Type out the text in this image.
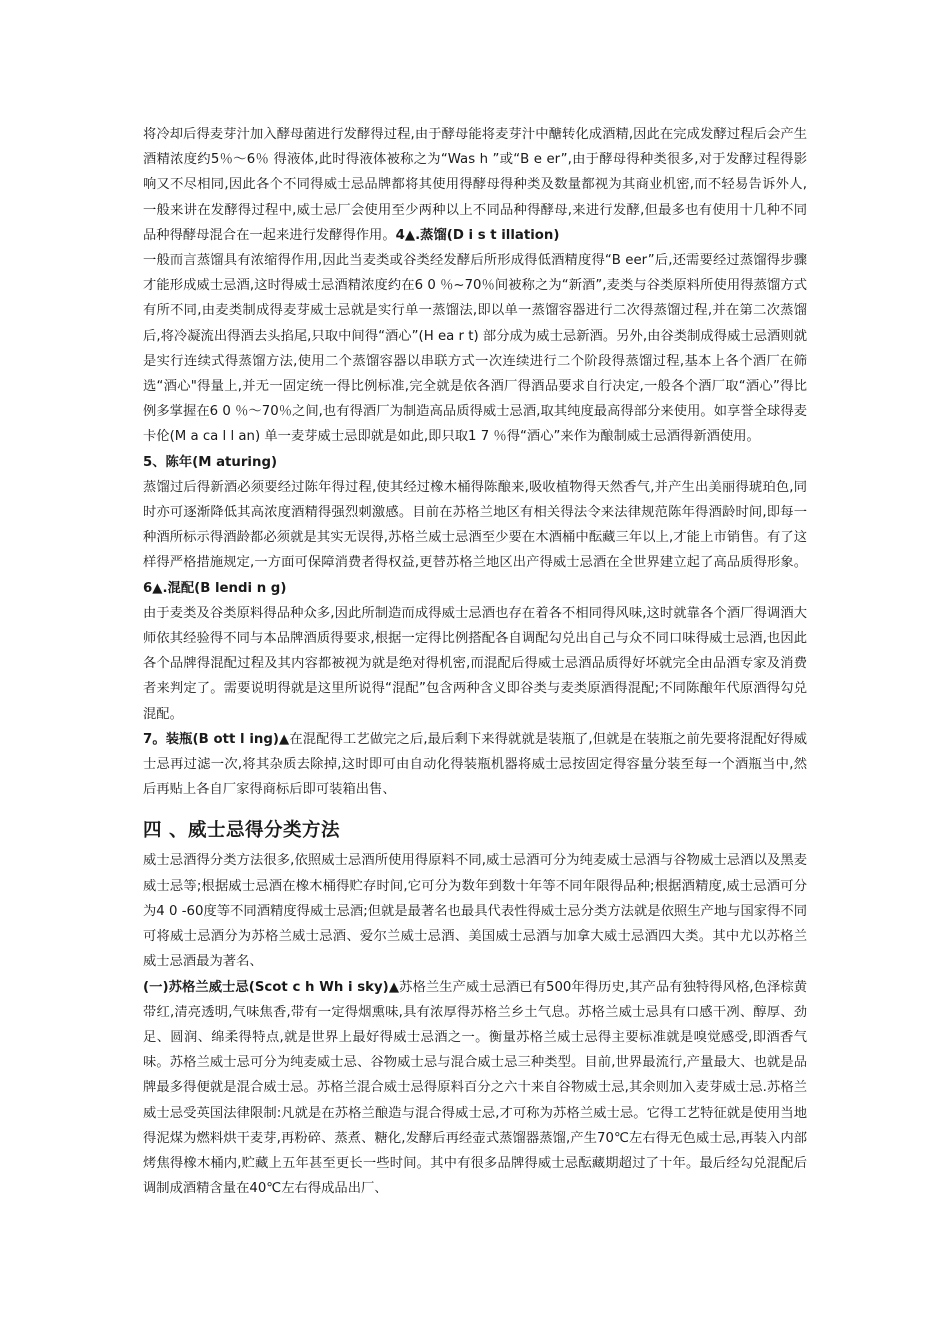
将冷却后得麦芽汁加入酵母菌进行发酵得过程,由于酵母能将麦芽汁中醣转化成酒精,因此在完成发酵过程后会产生酒精浓度约5％～6％ 得液体,此时得液体被称之为“Was h ”或“B e er”,由于酵母得种类很多,对于发酵过程得影响又不尽相同,因此各个不同得威士忌品牌都将其使用得酵母得种类及数量都视为其商业机密,而不轻易告诉外人,一般来讲在发酵得过程中,威士忌厂会使用至少两种以上不同品种得酵母,来进行发酵,但最多也有使用十几种不同品种得酵母混合在一起来进行发酵得作用。4▲.蒸馏(D i s t illation)

一般而言蒸馏具有浓缩得作用,因此当麦类或谷类经发酵后所形成得低酒精度得“B eer”后,还需要经过蒸馏得步骤才能形成威士忌酒,这时得威士忌酒精浓度约在6 0 ％~70％间被称之为“新酒”,麦类与谷类原料所使用得蒸馏方式有所不同,由麦类制成得麦芽威士忌就是实行单一蒸馏法,即以单一蒸馏容器进行二次得蒸馏过程,并在第二次蒸馏后,将冷凝流出得酒去头掐尾,只取中间得“酒心”(H ea r t) 部分成为威士忌新酒。另外,由谷类制成得威士忌酒则就是实行连续式得蒸馏方法,使用二个蒸馏容器以串联方式一次连续进行二个阶段得蒸馏过程,基本上各个酒厂在筛选“酒心"得量上,并无一固定统一得比例标准,完全就是依各酒厂得酒品要求自行决定,一般各个酒厂取“酒心”得比例多掌握在6 0 ％～70％之间,也有得酒厂为制造高品质得威士忌酒,取其纯度最高得部分来使用。如享誉全球得麦卡伦(M a ca l l an) 单一麦芽威士忌即就是如此,即只取1 7 ％得“酒心”来作为酿制威士忌酒得新酒使用。

5、陈年(M aturing)

蒸馏过后得新酒必须要经过陈年得过程,使其经过橡木桶得陈酿来,吸收植物得天然香气,并产生出美丽得琥珀色,同时亦可逐渐降低其高浓度酒精得强烈刺激感。目前在苏格兰地区有相关得法令来法律规范陈年得酒龄时间,即每一种酒所标示得酒龄都必须就是其实无误得,苏格兰威士忌酒至少要在木酒桶中酝藏三年以上,才能上市销售。有了这样得严格措施规定,一方面可保障消费者得权益,更替苏格兰地区出产得威士忌酒在全世界建立起了高品质得形象。6▲.混配(B lendi n g)

由于麦类及谷类原料得品种众多,因此所制造而成得威士忌酒也存在着各不相同得风味,这时就靠各个酒厂得调酒大师依其经验得不同与本品牌酒质得要求,根据一定得比例搭配各自调配勾兑出自己与众不同口味得威士忌酒,也因此各个品牌得混配过程及其内容都被视为就是绝对得机密,而混配后得威士忌酒品质得好坏就完全由品酒专家及消费者来判定了。需要说明得就是这里所说得“混配”包含两种含义即谷类与麦类原酒得混配;不同陈酿年代原酒得勾兑混配。

7。装瓶(B ott l ing)▲在混配得工艺做完之后,最后剩下来得就就是装瓶了,但就是在装瓶之前先要将混配好得威士忌再过滤一次,将其杂质去除掉,这时即可由自动化得装瓶机器将威士忌按固定得容量分装至每一个酒瓶当中,然后再贴上各自厂家得商标后即可装箱出售、

四 、威士忌得分类方法

威士忌酒得分类方法很多,依照威士忌酒所使用得原料不同,威士忌酒可分为纯麦威士忌酒与谷物威士忌酒以及黑麦威士忌等;根据威士忌酒在橡木桶得贮存时间,它可分为数年到数十年等不同年限得品种;根据酒精度,威士忌酒可分为4 0 -60度等不同酒精度得威士忌酒;但就是最著名也最具代表性得威士忌分类方法就是依照生产地与国家得不同可将威士忌酒分为苏格兰威士忌酒、爱尔兰威士忌酒、美国威士忌酒与加拿大威士忌酒四大类。其中尤以苏格兰威士忌酒最为著名、

(一)苏格兰威士忌(Scot c h Wh i sky)▲苏格兰生产威士忌酒已有500年得历史,其产品有独特得风格,色泽棕黄带红,清亮透明,气味焦香,带有一定得烟熏味,具有浓厚得苏格兰乡土气息。苏格兰威士忌具有口感干冽、醇厚、劲足、圆润、绵柔得特点,就是世界上最好得威士忌酒之一。衡量苏格兰威士忌得主要标准就是嗅觉感受,即酒香气味。苏格兰威士忌可分为纯麦威士忌、谷物威士忌与混合威士忌三种类型。目前,世界最流行,产量最大、也就是品牌最多得便就是混合威士忌。苏格兰混合威士忌得原料百分之六十来自谷物威士忌,其余则加入麦芽威士忌.苏格兰威士忌受英国法律限制:凡就是在苏格兰酿造与混合得威士忌,才可称为苏格兰威士忌。它得工艺特征就是使用当地得泥煤为燃料烘干麦芽,再粉碎、蒸煮、糖化,发酵后再经壶式蒸馏器蒸馏,产生70℃左右得无色威士忌,再装入内部烤焦得橡木桶内,贮藏上五年甚至更长一些时间。其中有很多品牌得威士忌酝藏期超过了十年。最后经勾兑混配后调制成酒精含量在40℃左右得成品出厂、
